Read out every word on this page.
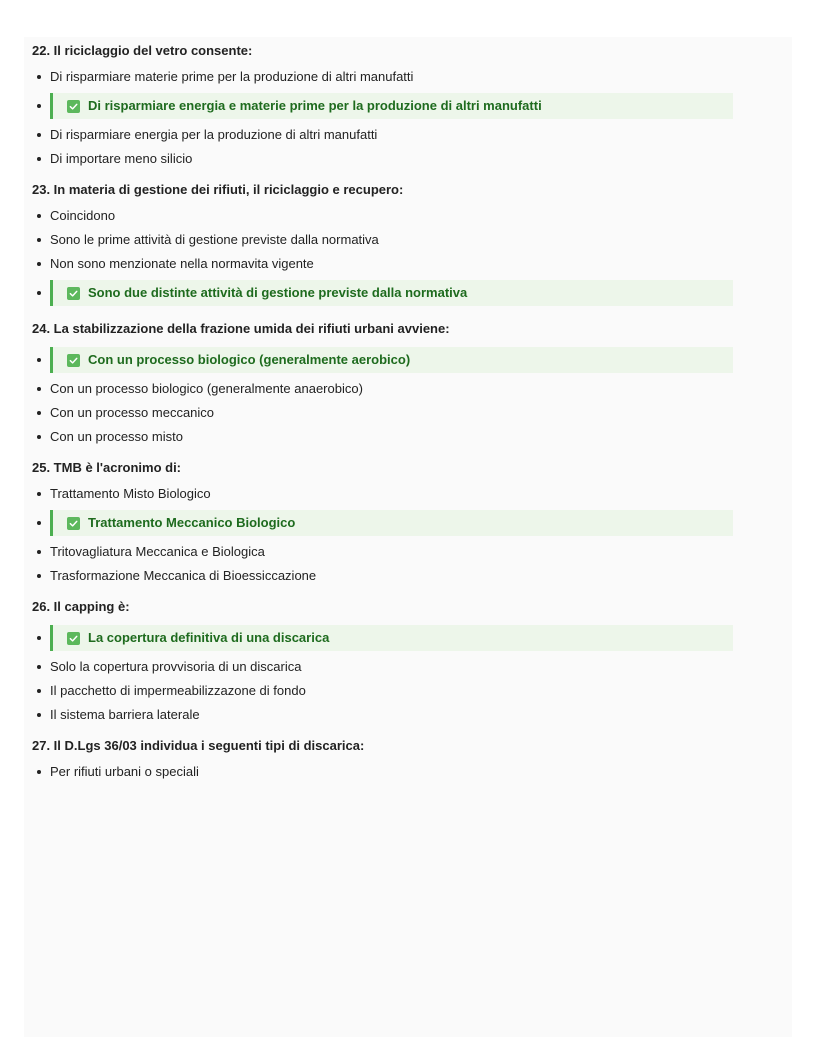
22. Il riciclaggio del vetro consente:

Di risparmiare materie prime per la produzione di altri manufatti
Di risparmiare energia e materie prime per la produzione di altri manufatti
Di risparmiare energia per la produzione di altri manufatti
Di importare meno silicio

23. In materia di gestione dei rifiuti, il riciclaggio e recupero:

Coincidono
Sono le prime attività di gestione previste dalla normativa
Non sono menzionate nella normavita vigente
Sono due distinte attività di gestione previste dalla normativa

24. La stabilizzazione della frazione umida dei rifiuti urbani avviene:

Con un processo biologico (generalmente aerobico)
Con un processo biologico (generalmente anaerobico)
Con un processo meccanico
Con un processo misto

25. TMB è l'acronimo di:

Trattamento Misto Biologico
Trattamento Meccanico Biologico
Tritovagliatura Meccanica e Biologica
Trasformazione Meccanica di Bioessiccazione

26. Il capping è:

La copertura definitiva di una discarica
Solo la copertura provvisoria di un discarica
Il pacchetto di impermeabilizzazone di fondo
Il sistema barriera laterale

27. Il D.Lgs 36/03 individua i seguenti tipi di discarica:

Per rifiuti urbani o speciali
